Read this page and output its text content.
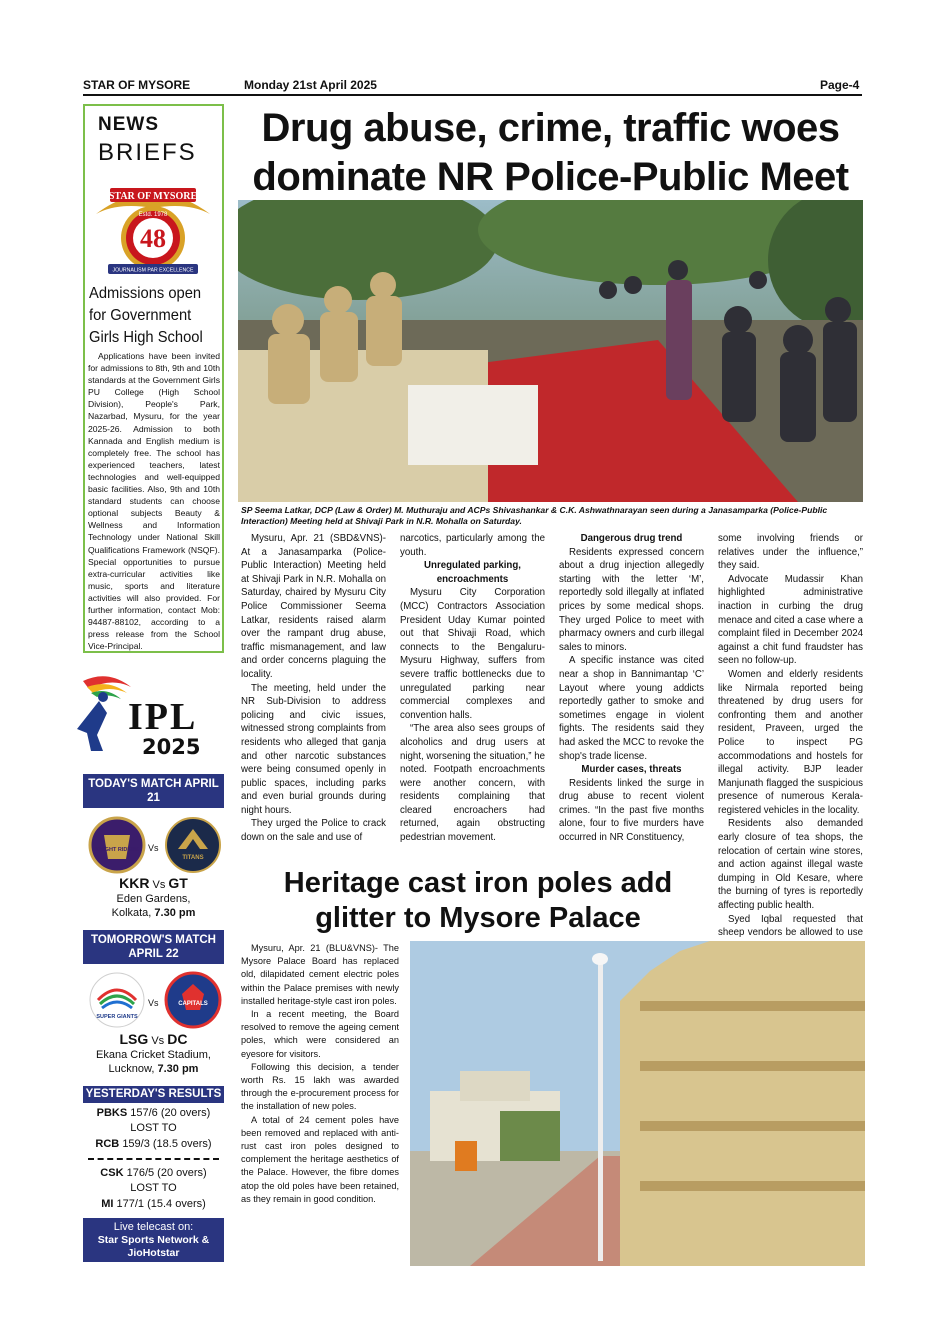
STAR OF MYSORE	Monday 21st April 2025	Page-4
NEWS
BRIEFS
STAR OF MYSORE
Estd. 1978
48
JOURNALISM PAR EXCELLENCE
Admissions open for Government Girls High School
Applications have been invited for admissions to 8th, 9th and 10th standards at the Government Girls PU College (High School Division), People's Park, Nazarbad, Mysuru, for the year 2025-26. Admission to both Kannada and English medium is completely free. The school has experienced teachers, latest technologies and well-equipped basic facilities. Also, 9th and 10th standard students can choose optional subjects Beauty & Wellness and Information Technology under National Skill Qualifications Framework (NSQF). Special opportunities to pursue extra-curricular activities like music, sports and literature activities will also provided. For further information, contact Mob: 94487-88102, according to a press release from the School Vice-Principal.
Drug abuse, crime, traffic woes
dominate NR Police-Public Meet
SP Seema Latkar, DCP (Law & Order) M. Muthuraju and ACPs Shivashankar & C.K. Ashwathnarayan seen during a Janasamparka (Police-Public Interaction) Meeting held at Shivaji Park in N.R. Mohalla on Saturday.

Mysuru, Apr. 21 (SBD&VNS)- At a Janasamparka (Police-Public Interaction) Meeting held at Shivaji Park in N.R. Mohalla on Saturday, chaired by Mysuru City Police Commissioner Seema Latkar, residents raised alarm over the rampant drug abuse, traffic mismanagement, and law and order concerns plaguing the locality.

The meeting, held under the NR Sub-Division to address policing and civic issues, witnessed strong complaints from residents who alleged that ganja and other narcotic substances were being consumed openly in public spaces, including parks and even burial grounds during night hours.

They urged the Police to crack down on the sale and use of

narcotics, particularly among the youth.

Unregulated parking, encroachments

Mysuru City Corporation (MCC) Contractors Association President Uday Kumar pointed out that Shivaji Road, which connects to the Bengaluru-Mysuru Highway, suffers from severe traffic bottlenecks due to unregulated parking near commercial complexes and convention halls.

“The area also sees groups of alcoholics and drug users at night, worsening the situation,” he noted. Footpath encroachments were another concern, with residents complaining that cleared encroachers had returned, again obstructing pedestrian movement.

Dangerous drug trend

Residents expressed concern about a drug injection allegedly starting with the letter ‘M’, reportedly sold illegally at inflated prices by some medical shops. They urged Police to meet with pharmacy owners and curb illegal sales to minors.

A specific instance was cited near a shop in Bannimantap ‘C’ Layout where young addicts reportedly gather to smoke and sometimes engage in violent fights. The residents said they had asked the MCC to revoke the shop's trade license.

Murder cases, threats

Residents linked the surge in drug abuse to recent violent crimes. “In the past five months alone, four to five murders have occurred in NR Constituency,

some involving friends or relatives under the influence,” they said.

Advocate Mudassir Khan highlighted administrative inaction in curbing the drug menace and cited a case where a complaint filed in December 2024 against a chit fund fraudster has seen no follow-up.

Women and elderly residents like Nirmala reported being threatened by drug users for confronting them and another resident, Praveen, urged the Police to inspect PG accommodations and hostels for illegal activity. BJP leader Manjunath flagged the suspicious presence of numerous Kerala-registered vehicles in the locality.

Residents also demanded early closure of tea shops, the relocation of certain wine stores, and action against illegal waste dumping in Old Kesare, where the burning of tyres is reportedly affecting public health.

Syed Iqbal requested that sheep vendors be allowed to use

Heritage cast iron poles add
glitter to Mysore Palace

Mysuru, Apr. 21 (BLU&VNS)- The Mysore Palace Board has replaced old, dilapidated cement electric poles within the Palace premises with newly installed heritage-style cast iron poles.

In a recent meeting, the Board resolved to remove the ageing cement poles, which were considered an eyesore for visitors.

Following this decision, a tender worth Rs. 15 lakh was awarded through the e-procurement process for the installation of new poles.

A total of 24 cement poles have been removed and replaced with anti-rust cast iron poles designed to complement the heritage aesthetics of the Palace. However, the fibre domes atop the old poles have been retained, as they remain in good condition.

IPL
2025
TODAY'S MATCH APRIL 21
KNIGHT RIDERS Vs
TITANS
KKR Vs GT
Eden Gardens,
Kolkata, 7.30 pm
TOMORROW'S MATCH APRIL 22
SUPER GIANTS
Vs	CAPITALS
LSG Vs DC
Ekana Cricket Stadium,
Lucknow, 7.30 pm
YESTERDAY'S RESULTS
PBKS 157/6 (20 overs)
LOST TO
RCB 159/3 (18.5 overs)
CSK 176/5 (20 overs)
LOST TO
MI 177/1 (15.4 overs)
Live telecast on:
Star Sports Network & JioHotstar
